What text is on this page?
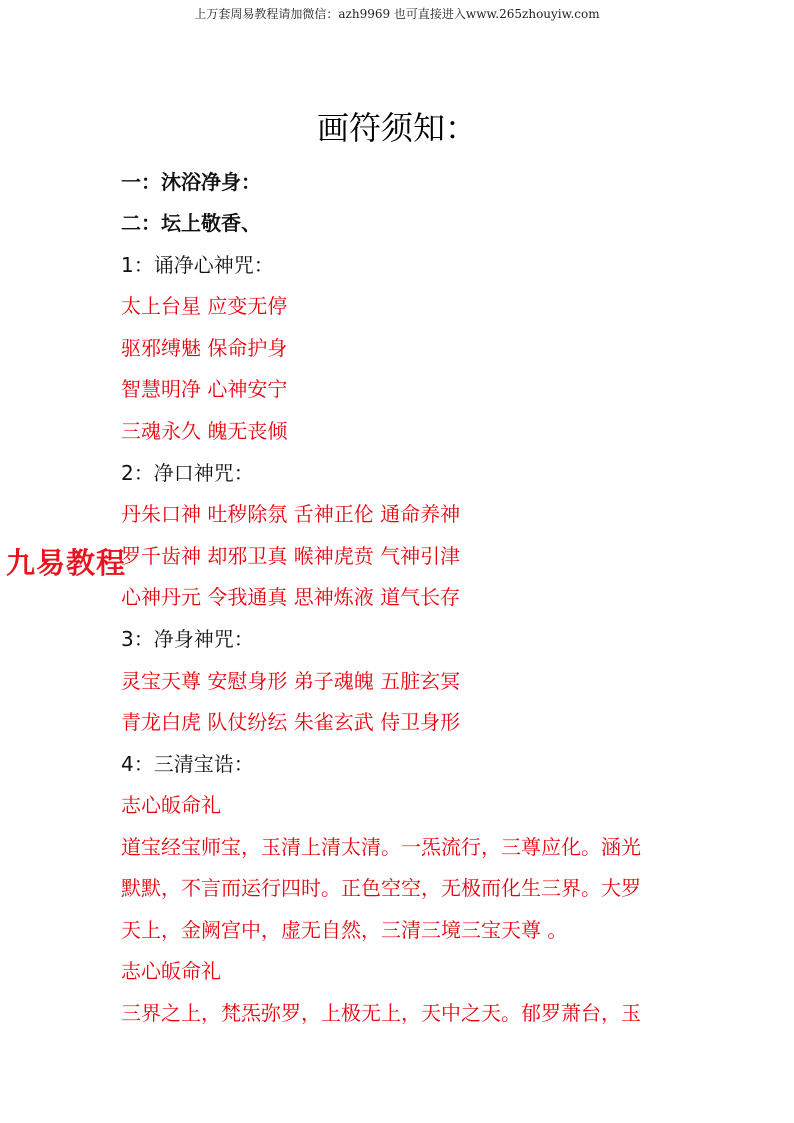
上万套周易教程请加微信：azh9969 也可直接进入www.265zhouyiw.com
画符须知：
一：沐浴净身：
二：坛上敬香、
1：诵净心神咒：
太上台星 应变无停
驱邪缚魅 保命护身
智慧明净 心神安宁
三魂永久 魄无丧倾
2：净口神咒：
丹朱口神 吐秽除氛 舌神正伦 通命养神
罗千齿神 却邪卫真 喉神虎贲 气神引津
心神丹元 令我通真 思神炼液 道气长存
3：净身神咒：
灵宝天尊 安慰身形 弟子魂魄 五脏玄冥
青龙白虎 队仗纷纭 朱雀玄武 侍卫身形
4：三清宝诰：
志心皈命礼
道宝经宝师宝，玉清上清太清。一炁流行，三尊应化。涵光
默默，不言而运行四时。正色空空，无极而化生三界。大罗
天上，金阙宫中，虚无自然，三清三境三宝天尊 。
志心皈命礼
三界之上，梵炁弥罗，上极无上，天中之天。郁罗萧台，玉
九易教程
